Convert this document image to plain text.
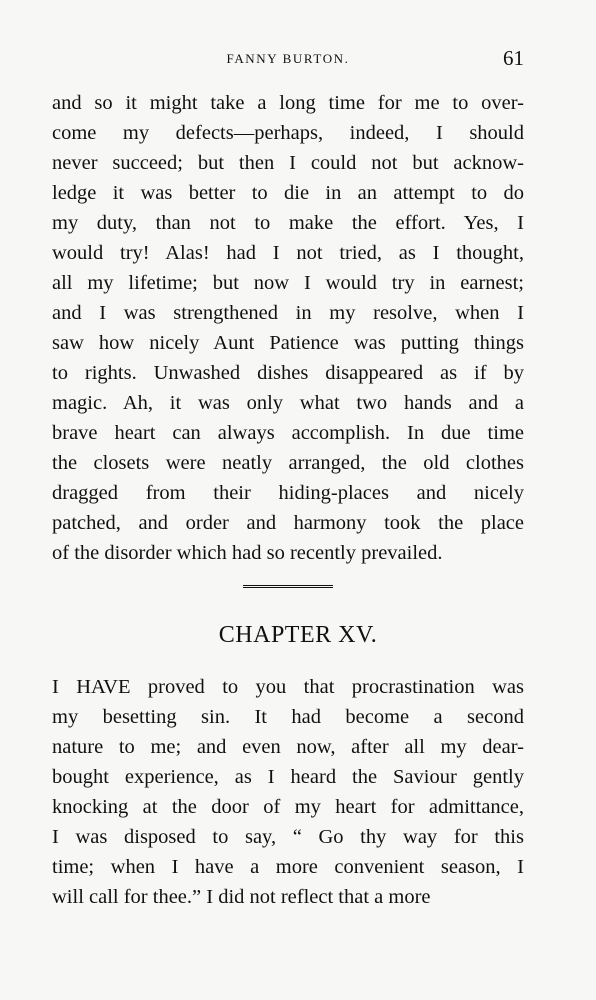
FANNY BURTON.	61
and so it might take a long time for me to over-
come my defects—perhaps, indeed, I should
never succeed; but then I could not but acknow-
ledge it was better to die in an attempt to do
my duty, than not to make the effort. Yes, I
would try! Alas! had I not tried, as I thought,
all my lifetime; but now I would try in earnest;
and I was strengthened in my resolve, when I
saw how nicely Aunt Patience was putting things
to rights. Unwashed dishes disappeared as if by
magic. Ah, it was only what two hands and a
brave heart can always accomplish. In due time
the closets were neatly arranged, the old clothes
dragged from their hiding-places and nicely
patched, and order and harmony took the place
of the disorder which had so recently prevailed.
CHAPTER XV.
I HAVE proved to you that procrastination was
my besetting sin. It had become a second
nature to me; and even now, after all my dear-
bought experience, as I heard the Saviour gently
knocking at the door of my heart for admittance,
I was disposed to say, “ Go thy way for this
time; when I have a more convenient season, I
will call for thee.” I did not reflect that a more
